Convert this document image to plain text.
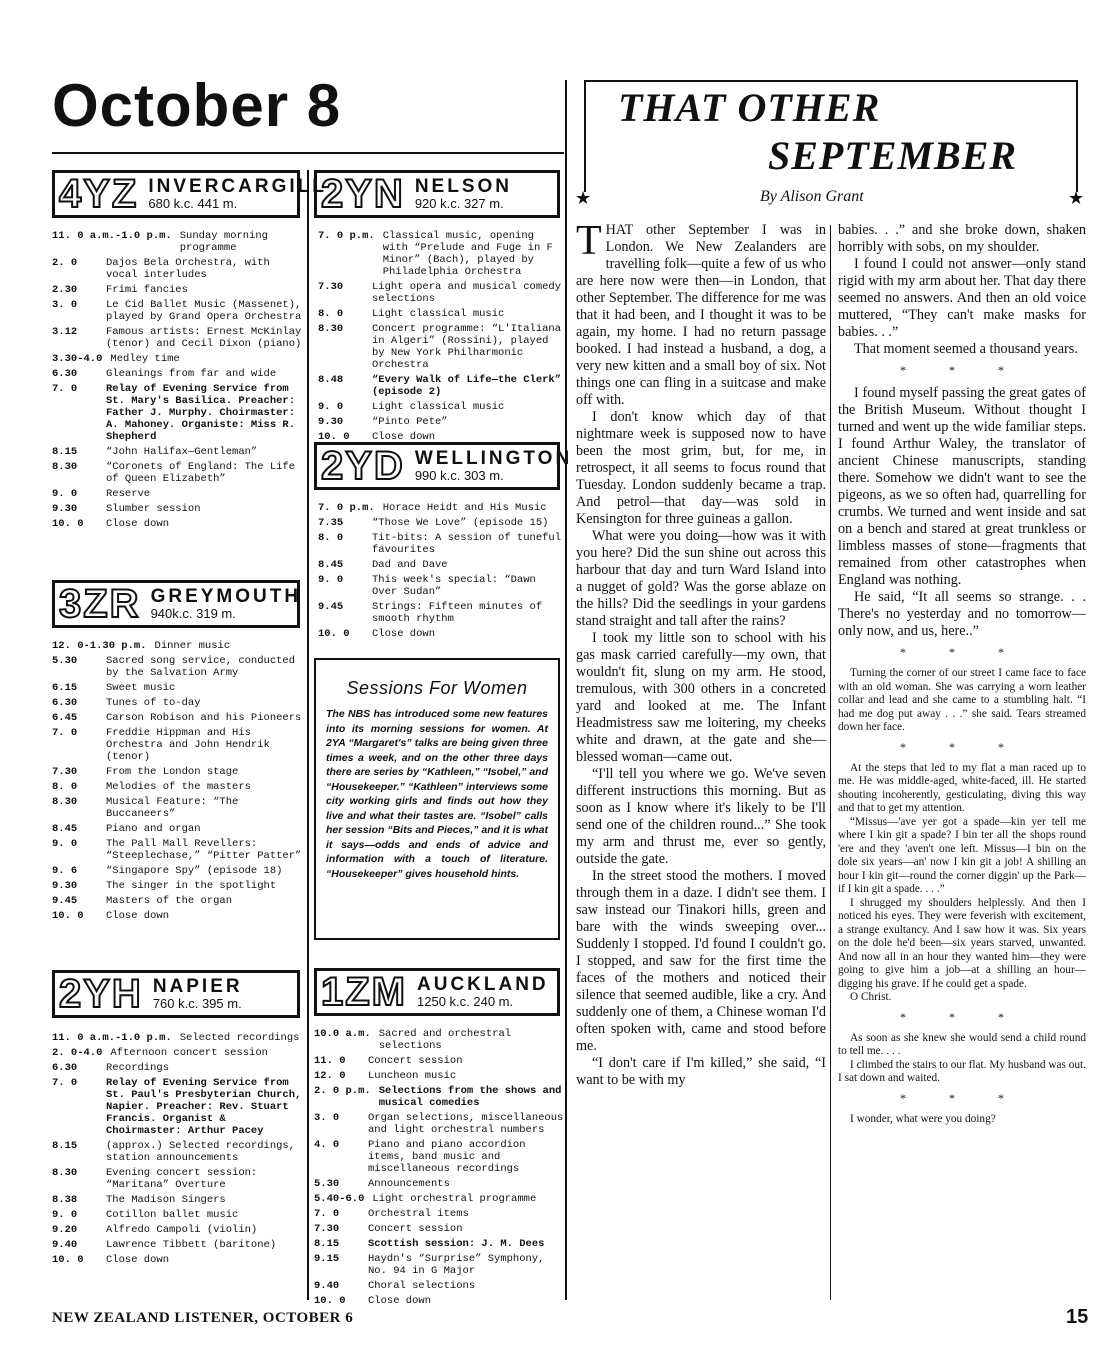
October 8
4YZ INVERCARGILL
680 k.c. 441 m.
11. 0 a.m.-1.0 p.m. Sunday morning programme
2. 0	Dajos Bela Orchestra, with vocal interludes
2.30	Frimi fancies
3. 0	Le Cid Ballet Music (Massenet), played by Grand Opera Orchestra
3.12	Famous artists: Ernest McKinlay (tenor) and Cecil Dixon (piano)
3.30-4.0 Medley time
6.30	Gleanings from far and wide
7. 0	Relay of Evening Service from St. Mary's Basilica. Preacher: Father J. Murphy. Choirmaster: A. Mahoney. Organiste: Miss R. Shepherd
8.15	“John Halifax—Gentleman”
8.30	“Coronets of England: The Life of Queen Elizabeth”
9. 0	Reserve
9.30	Slumber session
10. 0	Close down
3ZR GREYMOUTH
940k.c. 319 m.
12. 0-1.30 p.m. Dinner music
5.30	Sacred song service, conducted by the Salvation Army
6.15	Sweet music
6.30	Tunes of to-day
6.45	Carson Robison and his Pioneers
7. 0	Freddie Hippman and His Orchestra and John Hendrik (tenor)
7.30	From the London stage
8. 0	Melodies of the masters
8.30	Musical Feature: “The Buccaneers”
8.45	Piano and organ
9. 0	The Pall Mall Revellers: “Steeplechase,” “Pitter Patter”
9. 6	“Singapore Spy” (episode 18)
9.30	The singer in the spotlight
9.45	Masters of the organ
10. 0	Close down
2YH NAPIER
760 k.c. 395 m.
11. 0 a.m.-1.0 p.m. Selected recordings
2. 0-4.0 Afternoon concert session
6.30	Recordings
7. 0	Relay of Evening Service from St. Paul's Presbyterian Church, Napier. Preacher: Rev. Stuart Francis. Organist & Choirmaster: Arthur Pacey
8.15	(approx.) Selected recordings, station announcements
8.30	Evening concert session: “Maritana” Overture
8.38	The Madison Singers
9. 0	Cotillon ballet music
9.20	Alfredo Campoli (violin)
9.40	Lawrence Tibbett (baritone)
10. 0	Close down
2YN NELSON
920 k.c. 327 m.
7. 0 p.m. Classical music, opening with “Prelude and Fuge in F Minor” (Bach), played by Philadelphia Orchestra
7.30	Light opera and musical comedy selections
8. 0	Light classical music
8.30	Concert programme: “L'Italiana in Algeri” (Rossini), played by New York Philharmonic Orchestra
8.48	“Every Walk of Life—the Clerk” (episode 2)
9. 0	Light classical music
9.30	“Pinto Pete”
10. 0	Close down
2YD WELLINGTON
990 k.c. 303 m.
7. 0 p.m. Horace Heidt and His Music
7.35	“Those We Love” (episode 15)
8. 0	Tit-bits: A session of tuneful favourites
8.45	Dad and Dave
9. 0	This week's special: “Dawn Over Sudan”
9.45	Strings: Fifteen minutes of smooth rhythm
10. 0	Close down
Sessions For Women

The NBS has introduced some new features into its morning sessions for women. At 2YA “Margaret's” talks are being given three times a week, and on the other three days there are series by “Kathleen,” “Isobel,” and “Housekeeper.” “Kathleen” interviews some city working girls and finds out how they live and what their tastes are. “Isobel” calls her session “Bits and Pieces,” and it is what it says—odds and ends of advice and information with a touch of literature. “Housekeeper” gives household hints.

1ZM AUCKLAND
1250 k.c. 240 m.
10.0 a.m. Sacred and orchestral selections
11. 0	Concert session
12. 0	Luncheon music
2. 0 p.m. Selections from the shows and musical comedies
3. 0	Organ selections, miscellaneous and light orchestral numbers
4. 0	Piano and piano accordion items, band music and miscellaneous recordings
5.30	Announcements
5.40-6.0 Light orchestral programme
7. 0	Orchestral items
7.30	Concert session
8.15	Scottish session: J. M. Dees
9.15	Haydn's “Surprise” Symphony, No. 94 in G Major
9.40	Choral selections
10. 0	Close down
THAT OTHER
SEPTEMBER
★	By Alison Grant	★
T HAT other September I was in London. We New Zealanders are travelling folk—quite a few of us who are here now were then—in London, that other September. The difference for me was that it had been, and I thought it was to be again, my home. I had no return passage booked. I had instead a husband, a dog, a very new kitten and a small boy of six. Not things one can fling in a suitcase and make off with.

I don't know which day of that nightmare week is supposed now to have been the most grim, but, for me, in retrospect, it all seems to focus round that Tuesday. London suddenly became a trap. And petrol—that day—was sold in Kensington for three guineas a gallon.

What were you doing—how was it with you here? Did the sun shine out across this harbour that day and turn Ward Island into a nugget of gold? Was the gorse ablaze on the hills? Did the seedlings in your gardens stand straight and tall after the rains?

I took my little son to school with his gas mask carried carefully—my own, that wouldn't fit, slung on my arm. He stood, tremulous, with 300 others in a concreted yard and looked at me. The Infant Headmistress saw me loitering, my cheeks white and drawn, at the gate and she—blessed woman—came out.

“I'll tell you where we go. We've seven different instructions this morning. But as soon as I know where it's likely to be I'll send one of the children round...” She took my arm and thrust me, ever so gently, outside the gate.

In the street stood the mothers. I moved through them in a daze. I didn't see them. I saw instead our Tinakori hills, green and bare with the winds sweeping over... Suddenly I stopped. I'd found I couldn't go. I stopped, and saw for the first time the faces of the mothers and noticed their silence that seemed audible, like a cry. And suddenly one of them, a Chinese woman I'd often spoken with, came and stood before me.

“I don't care if I'm killed,” she said, “I want to be with my

babies. . .” and she broke down, shaken horribly with sobs, on my shoulder.

I found I could not answer—only stand rigid with my arm about her. That day there seemed no answers. And then an old voice muttered, “They can't make masks for babies. . .”

That moment seemed a thousand years.

* * *

I found myself passing the great gates of the British Museum. Without thought I turned and went up the wide familiar steps. I found Arthur Waley, the translator of ancient Chinese manuscripts, standing there. Somehow we didn't want to see the pigeons, as we so often had, quarrelling for crumbs. We turned and went inside and sat on a bench and stared at great trunkless or limbless masses of stone—fragments that remained from other catastrophes when England was nothing.

He said, “It all seems so strange. . . There's no yesterday and no tomorrow—only now, and us, here..”

* * *

Turning the corner of our street I came face to face with an old woman. She was carrying a worn leather collar and lead and she came to a stumbling halt. “I had me dog put away . . .” she said. Tears streamed down her face.

* * *

At the steps that led to my flat a man raced up to me. He was middle-aged, white-faced, ill. He started shouting incoherently, gesticulating, diving this way and that to get my attention.

“Missus—'ave yer got a spade—kin yer tell me where I kin git a spade? I bin ter all the shops round 'ere and they 'aven't one left. Missus—I bin on the dole six years—an' now I kin git a job! A shilling an hour I kin git—round the corner diggin' up the Park—if I kin git a spade. . . .”

I shrugged my shoulders helplessly. And then I noticed his eyes. They were feverish with excitement, a strange exultancy. And I saw how it was. Six years on the dole he'd been—six years starved, unwanted. And now all in an hour they wanted him—they were going to give him a job—at a shilling an hour—digging his grave. If he could get a spade.

O Christ.

* * *

As soon as she knew she would send a child round to tell me. . . .

I climbed the stairs to our flat. My husband was out. I sat down and waited.

* * *

I wonder, what were you doing?

NEW ZEALAND LISTENER, OCTOBER 6	15
